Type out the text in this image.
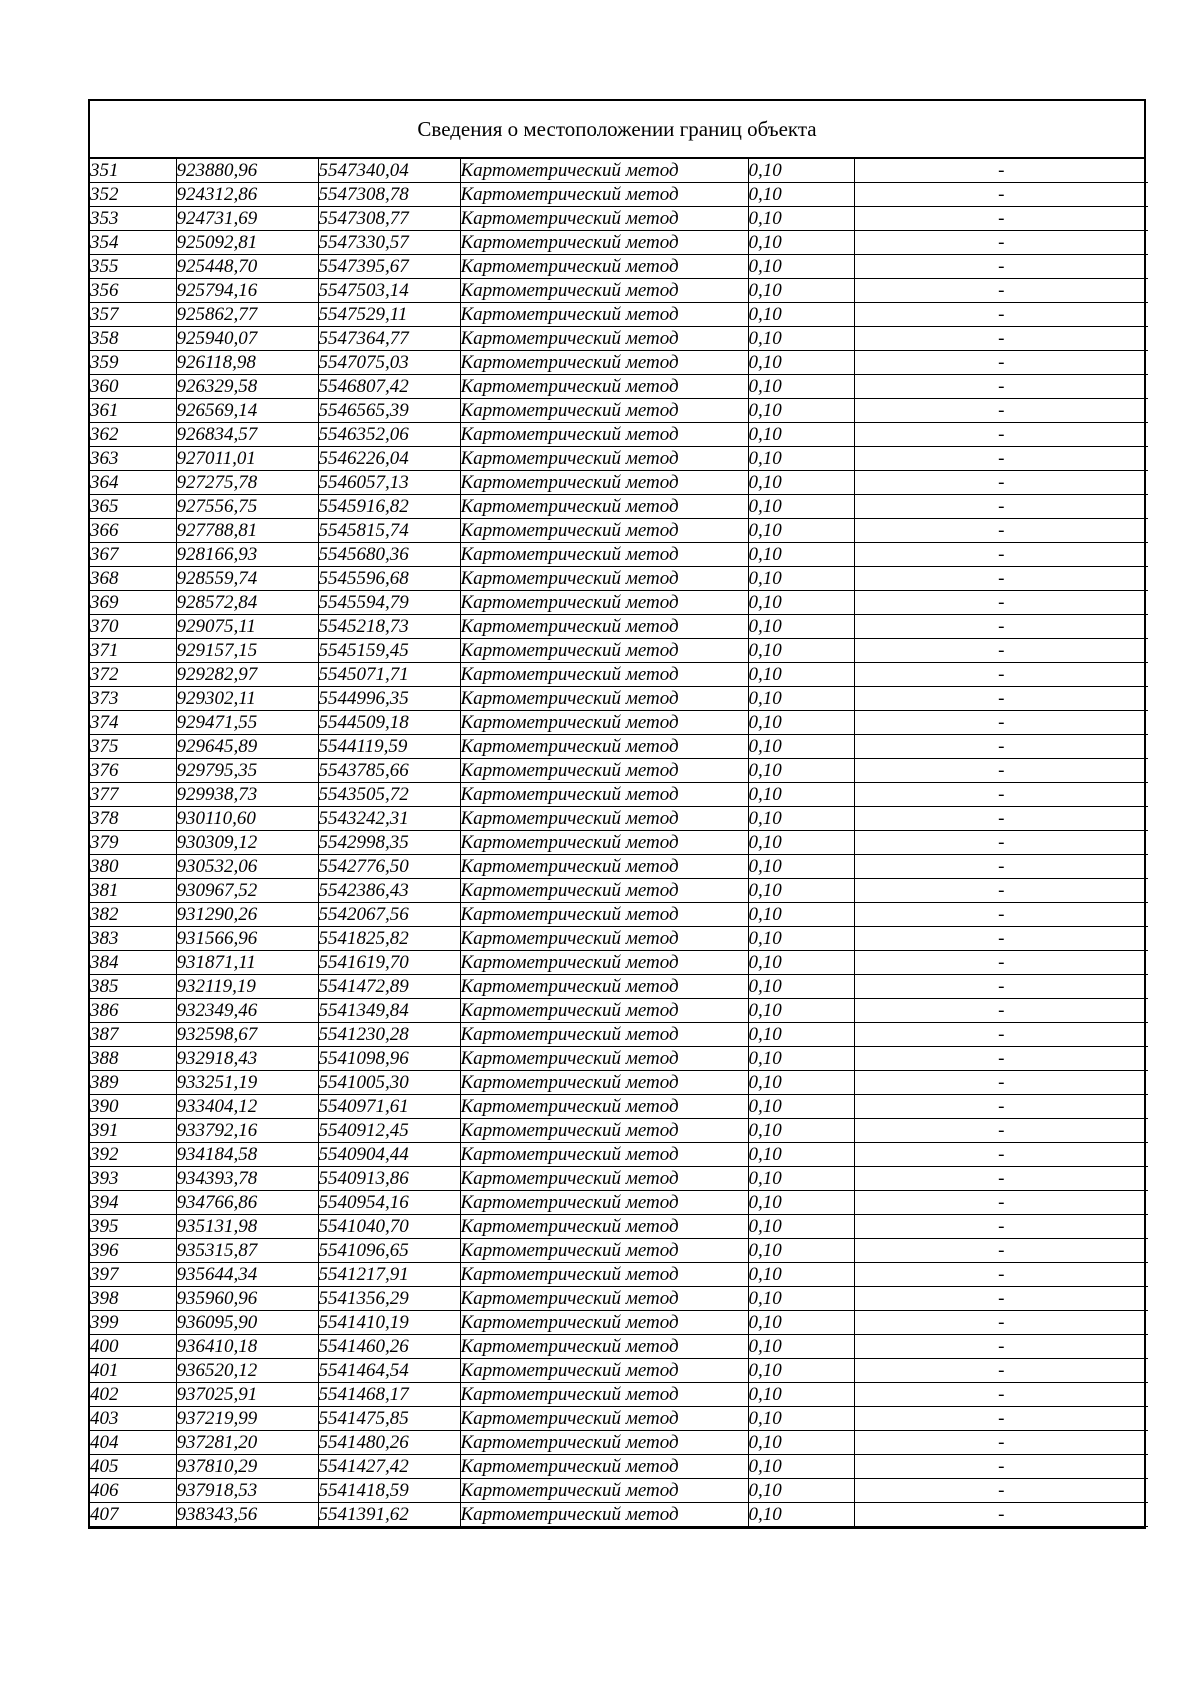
Сведения о местоположении границ объекта
351	923880,96	5547340,04	Картометрический метод	0,10	-
352	924312,86	5547308,78	Картометрический метод	0,10	-
353	924731,69	5547308,77	Картометрический метод	0,10	-
354	925092,81	5547330,57	Картометрический метод	0,10	-
355	925448,70	5547395,67	Картометрический метод	0,10	-
356	925794,16	5547503,14	Картометрический метод	0,10	-
357	925862,77	5547529,11	Картометрический метод	0,10	-
358	925940,07	5547364,77	Картометрический метод	0,10	-
359	926118,98	5547075,03	Картометрический метод	0,10	-
360	926329,58	5546807,42	Картометрический метод	0,10	-
361	926569,14	5546565,39	Картометрический метод	0,10	-
362	926834,57	5546352,06	Картометрический метод	0,10	-
363	927011,01	5546226,04	Картометрический метод	0,10	-
364	927275,78	5546057,13	Картометрический метод	0,10	-
365	927556,75	5545916,82	Картометрический метод	0,10	-
366	927788,81	5545815,74	Картометрический метод	0,10	-
367	928166,93	5545680,36	Картометрический метод	0,10	-
368	928559,74	5545596,68	Картометрический метод	0,10	-
369	928572,84	5545594,79	Картометрический метод	0,10	-
370	929075,11	5545218,73	Картометрический метод	0,10	-
371	929157,15	5545159,45	Картометрический метод	0,10	-
372	929282,97	5545071,71	Картометрический метод	0,10	-
373	929302,11	5544996,35	Картометрический метод	0,10	-
374	929471,55	5544509,18	Картометрический метод	0,10	-
375	929645,89	5544119,59	Картометрический метод	0,10	-
376	929795,35	5543785,66	Картометрический метод	0,10	-
377	929938,73	5543505,72	Картометрический метод	0,10	-
378	930110,60	5543242,31	Картометрический метод	0,10	-
379	930309,12	5542998,35	Картометрический метод	0,10	-
380	930532,06	5542776,50	Картометрический метод	0,10	-
381	930967,52	5542386,43	Картометрический метод	0,10	-
382	931290,26	5542067,56	Картометрический метод	0,10	-
383	931566,96	5541825,82	Картометрический метод	0,10	-
384	931871,11	5541619,70	Картометрический метод	0,10	-
385	932119,19	5541472,89	Картометрический метод	0,10	-
386	932349,46	5541349,84	Картометрический метод	0,10	-
387	932598,67	5541230,28	Картометрический метод	0,10	-
388	932918,43	5541098,96	Картометрический метод	0,10	-
389	933251,19	5541005,30	Картометрический метод	0,10	-
390	933404,12	5540971,61	Картометрический метод	0,10	-
391	933792,16	5540912,45	Картометрический метод	0,10	-
392	934184,58	5540904,44	Картометрический метод	0,10	-
393	934393,78	5540913,86	Картометрический метод	0,10	-
394	934766,86	5540954,16	Картометрический метод	0,10	-
395	935131,98	5541040,70	Картометрический метод	0,10	-
396	935315,87	5541096,65	Картометрический метод	0,10	-
397	935644,34	5541217,91	Картометрический метод	0,10	-
398	935960,96	5541356,29	Картометрический метод	0,10	-
399	936095,90	5541410,19	Картометрический метод	0,10	-
400	936410,18	5541460,26	Картометрический метод	0,10	-
401	936520,12	5541464,54	Картометрический метод	0,10	-
402	937025,91	5541468,17	Картометрический метод	0,10	-
403	937219,99	5541475,85	Картометрический метод	0,10	-
404	937281,20	5541480,26	Картометрический метод	0,10	-
405	937810,29	5541427,42	Картометрический метод	0,10	-
406	937918,53	5541418,59	Картометрический метод	0,10	-
407	938343,56	5541391,62	Картометрический метод	0,10	-
